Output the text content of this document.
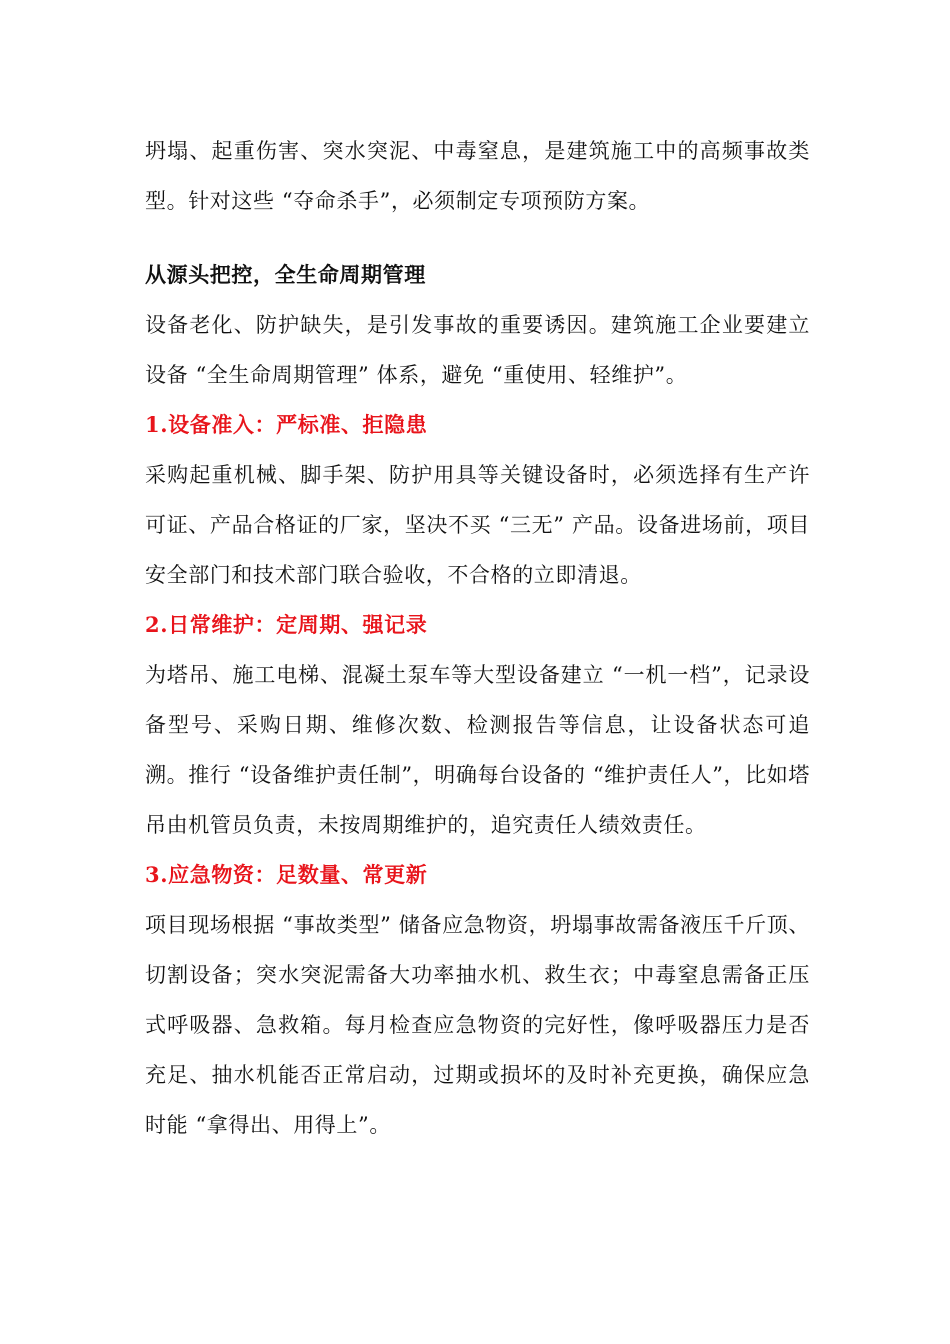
坍塌、起重伤害、突水突泥、中毒窒息，是建筑施工中的高频事故类型。针对这些 “夺命杀手”，必须制定专项预防方案。

从源头把控，全生命周期管理

设备老化、防护缺失，是引发事故的重要诱因。建筑施工企业要建立设备 “全生命周期管理” 体系，避免 “重使用、轻维护”。

1.设备准入：严标准、拒隐患

采购起重机械、脚手架、防护用具等关键设备时，必须选择有生产许可证、产品合格证的厂家，坚决不买 “三无” 产品。设备进场前，项目安全部门和技术部门联合验收，不合格的立即清退。

2.日常维护：定周期、强记录

为塔吊、施工电梯、混凝土泵车等大型设备建立 “一机一档”，记录设备型号、采购日期、维修次数、检测报告等信息，让设备状态可追溯。推行 “设备维护责任制”，明确每台设备的 “维护责任人”，比如塔吊由机管员负责，未按周期维护的，追究责任人绩效责任。

3.应急物资：足数量、常更新

项目现场根据 “事故类型” 储备应急物资，坍塌事故需备液压千斤顶、切割设备；突水突泥需备大功率抽水机、救生衣；中毒窒息需备正压式呼吸器、急救箱。每月检查应急物资的完好性，像呼吸器压力是否充足、抽水机能否正常启动，过期或损坏的及时补充更换，确保应急时能 “拿得出、用得上”。
